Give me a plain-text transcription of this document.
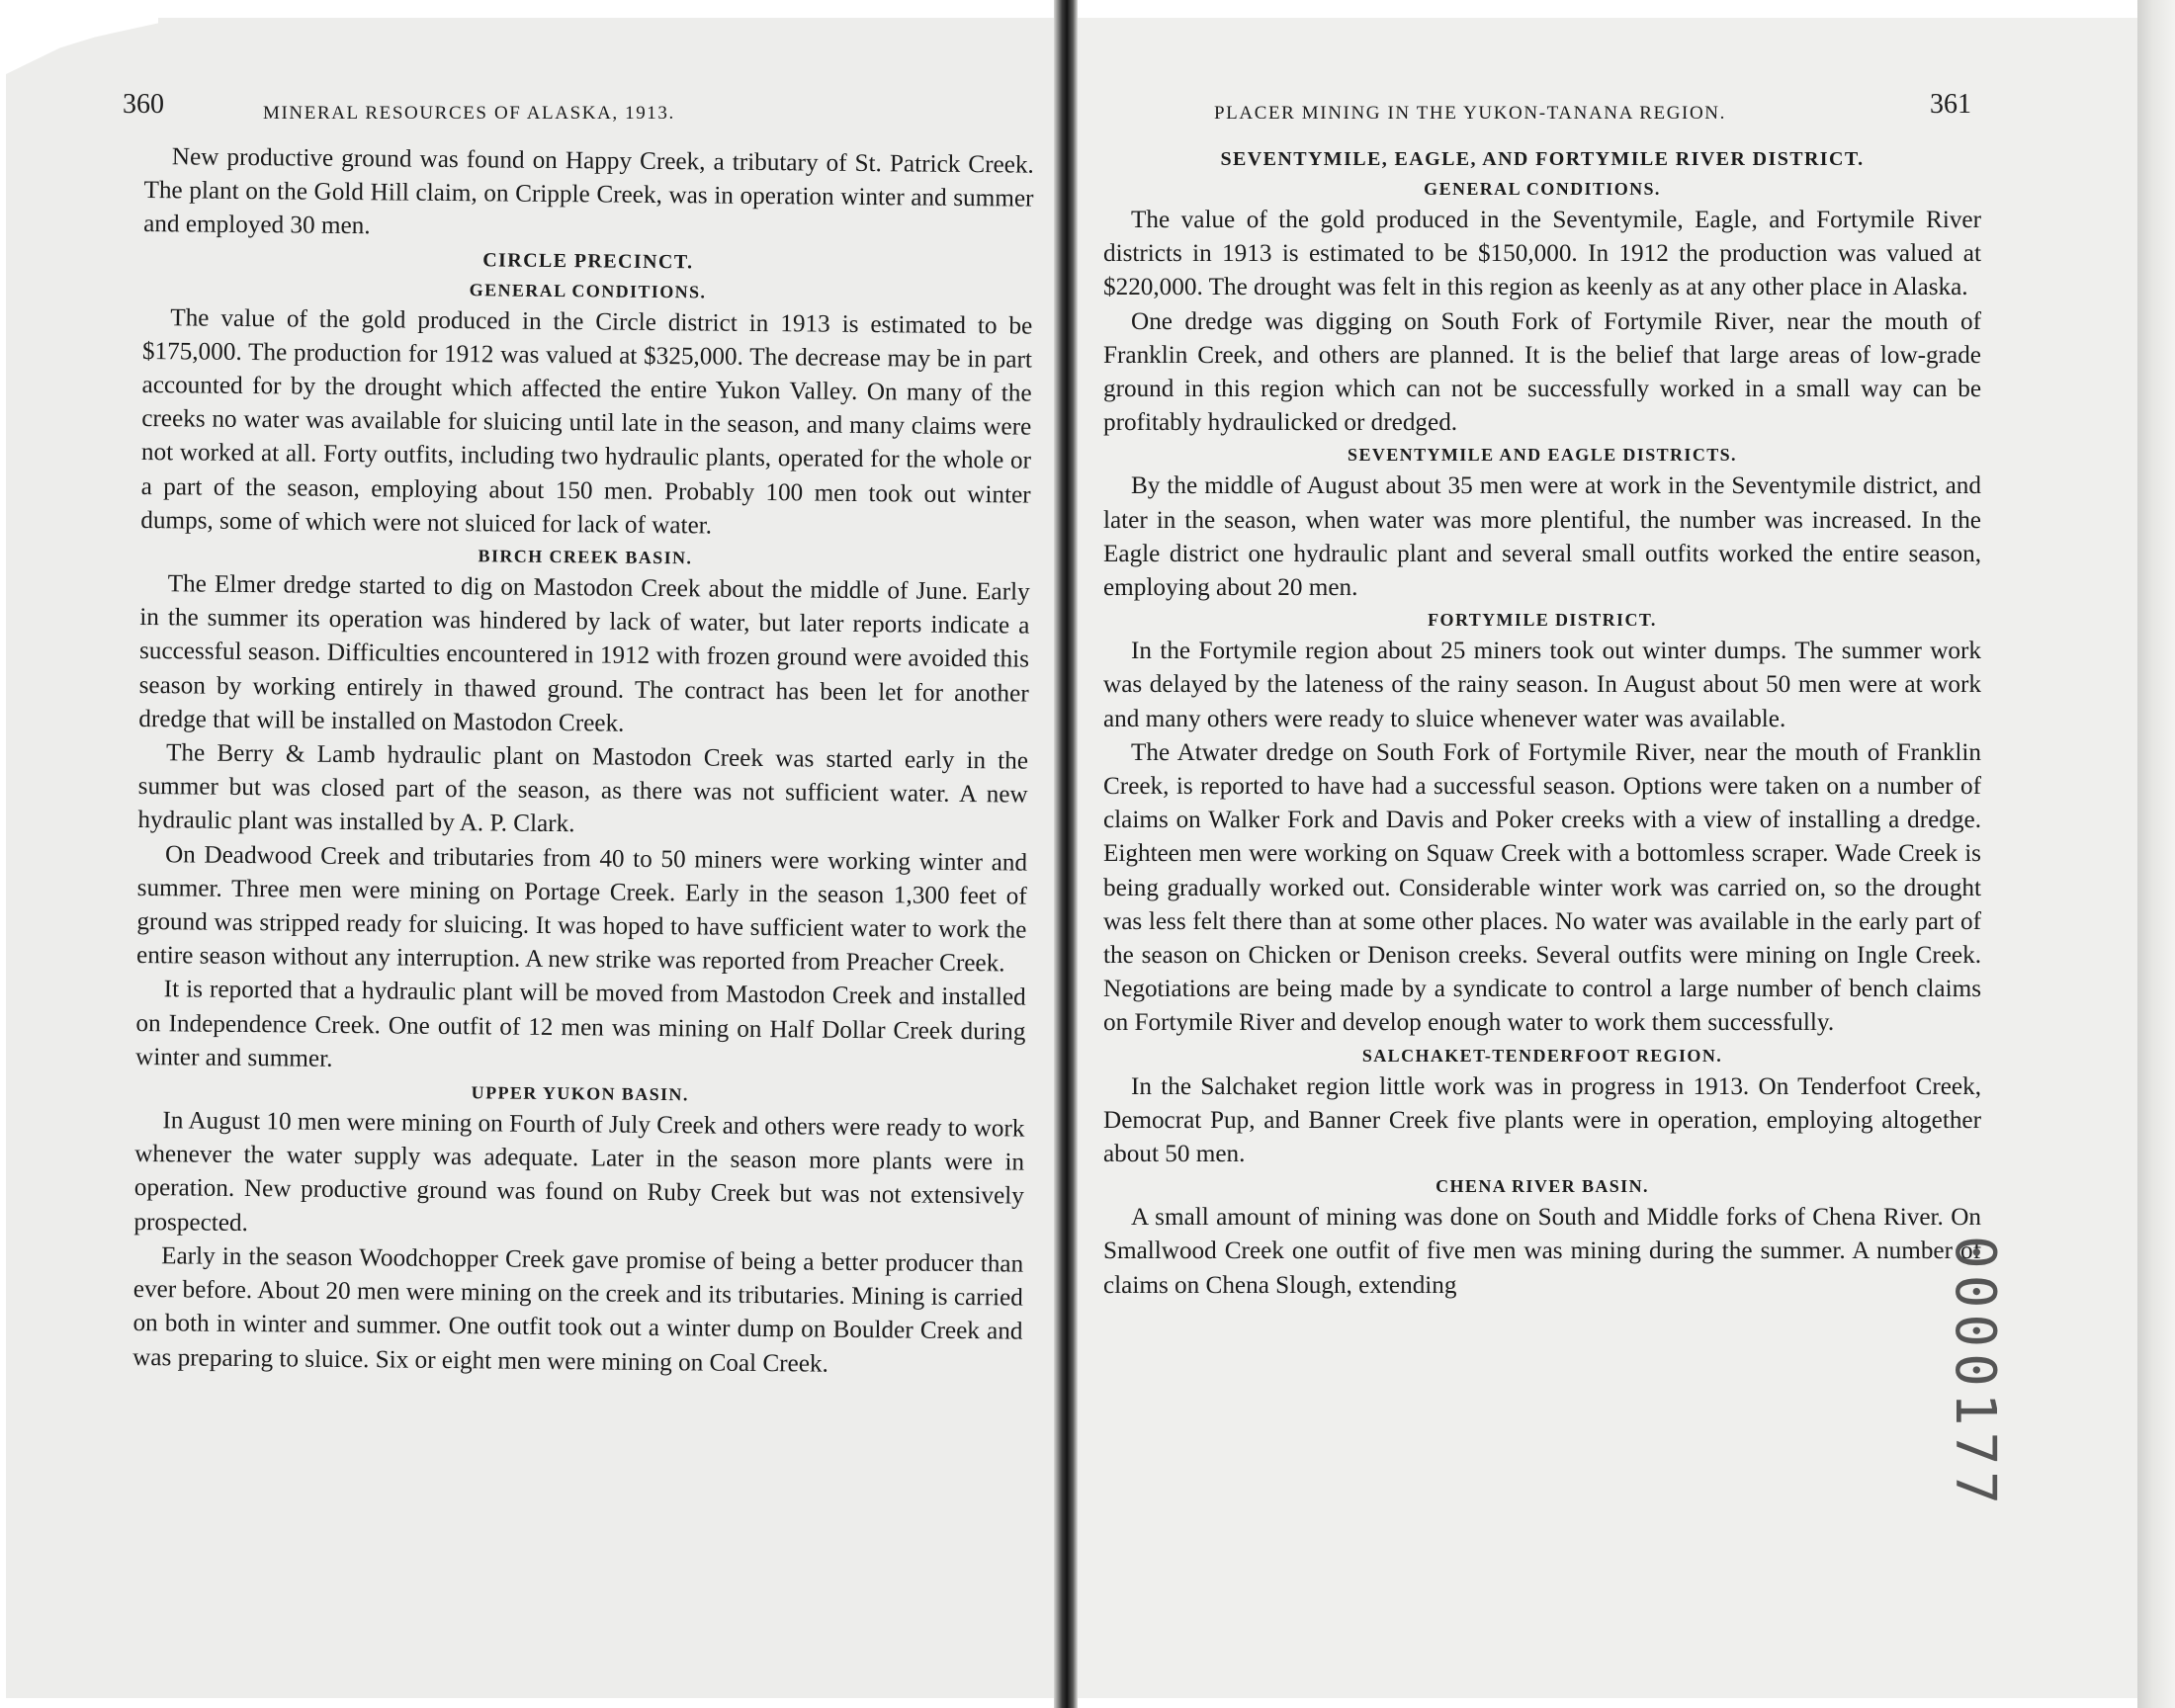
360	MINERAL RESOURCES OF ALASKA, 1913.

New productive ground was found on Happy Creek, a tributary of St. Patrick Creek. The plant on the Gold Hill claim, on Cripple Creek, was in operation winter and summer and employed 30 men.

CIRCLE PRECINCT.
GENERAL CONDITIONS.

The value of the gold produced in the Circle district in 1913 is estimated to be $175,000. The production for 1912 was valued at $325,000. The decrease may be in part accounted for by the drought which affected the entire Yukon Valley. On many of the creeks no water was available for sluicing until late in the season, and many claims were not worked at all. Forty outfits, including two hydraulic plants, operated for the whole or a part of the season, employing about 150 men. Probably 100 men took out winter dumps, some of which were not sluiced for lack of water.

BIRCH CREEK BASIN.

The Elmer dredge started to dig on Mastodon Creek about the middle of June. Early in the summer its operation was hindered by lack of water, but later reports indicate a successful season. Difficulties encountered in 1912 with frozen ground were avoided this season by working entirely in thawed ground. The contract has been let for another dredge that will be installed on Mastodon Creek.

The Berry & Lamb hydraulic plant on Mastodon Creek was started early in the summer but was closed part of the season, as there was not sufficient water. A new hydraulic plant was installed by A. P. Clark.

On Deadwood Creek and tributaries from 40 to 50 miners were working winter and summer. Three men were mining on Portage Creek. Early in the season 1,300 feet of ground was stripped ready for sluicing. It was hoped to have sufficient water to work the entire season without any interruption. A new strike was reported from Preacher Creek.

It is reported that a hydraulic plant will be moved from Mastodon Creek and installed on Independence Creek. One outfit of 12 men was mining on Half Dollar Creek during winter and summer.

UPPER YUKON BASIN.

In August 10 men were mining on Fourth of July Creek and others were ready to work whenever the water supply was adequate. Later in the season more plants were in operation. New productive ground was found on Ruby Creek but was not extensively prospected.

Early in the season Woodchopper Creek gave promise of being a better producer than ever before. About 20 men were mining on the creek and its tributaries. Mining is carried on both in winter and summer. One outfit took out a winter dump on Boulder Creek and was preparing to sluice. Six or eight men were mining on Coal Creek.

PLACER MINING IN THE YUKON-TANANA REGION.	361
SEVENTYMILE, EAGLE, AND FORTYMILE RIVER DISTRICT.
GENERAL CONDITIONS.

The value of the gold produced in the Seventymile, Eagle, and Fortymile River districts in 1913 is estimated to be $150,000. In 1912 the production was valued at $220,000. The drought was felt in this region as keenly as at any other place in Alaska.

One dredge was digging on South Fork of Fortymile River, near the mouth of Franklin Creek, and others are planned. It is the belief that large areas of low-grade ground in this region which can not be successfully worked in a small way can be profitably hydraulicked or dredged.

SEVENTYMILE AND EAGLE DISTRICTS.

By the middle of August about 35 men were at work in the Seventymile district, and later in the season, when water was more plentiful, the number was increased. In the Eagle district one hydraulic plant and several small outfits worked the entire season, employing about 20 men.

FORTYMILE DISTRICT.

In the Fortymile region about 25 miners took out winter dumps. The summer work was delayed by the lateness of the rainy season. In August about 50 men were at work and many others were ready to sluice whenever water was available.

The Atwater dredge on South Fork of Fortymile River, near the mouth of Franklin Creek, is reported to have had a successful season. Options were taken on a number of claims on Walker Fork and Davis and Poker creeks with a view of installing a dredge. Eighteen men were working on Squaw Creek with a bottomless scraper. Wade Creek is being gradually worked out. Considerable winter work was carried on, so the drought was less felt there than at some other places. No water was available in the early part of the season on Chicken or Denison creeks. Several outfits were mining on Ingle Creek. Negotiations are being made by a syndicate to control a large number of bench claims on Fortymile River and develop enough water to work them successfully.

SALCHAKET-TENDERFOOT REGION.

In the Salchaket region little work was in progress in 1913. On Tenderfoot Creek, Democrat Pup, and Banner Creek five plants were in operation, employing altogether about 50 men.

CHENA RIVER BASIN.

A small amount of mining was done on South and Middle forks of Chena River. On Smallwood Creek one outfit of five men was mining during the summer. A number of claims on Chena Slough, extending	0000177
